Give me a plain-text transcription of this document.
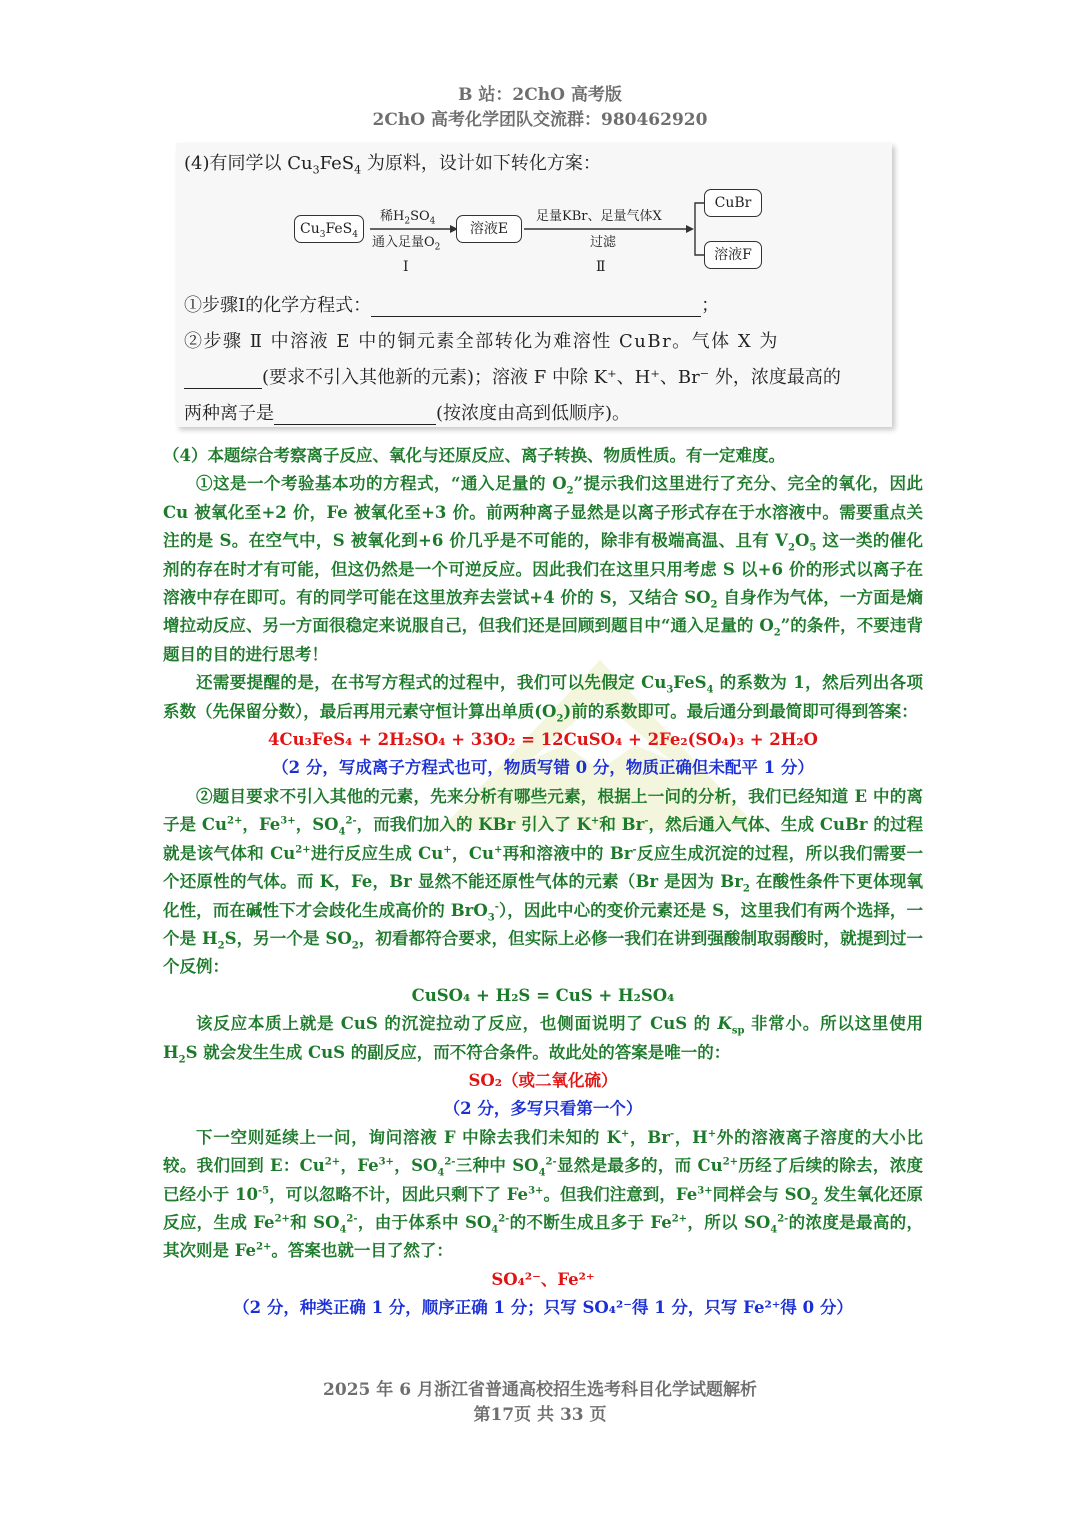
B 站：2ChO 高考版
2ChO 高考化学团队交流群：980462920
(4)有同学以 $Cu_3FeS_4$ 为原料，设计如下转化方案：
$Cu_3FeS_4$
稀$H_2SO_4$
通入足量$O_2$
Ⅰ
溶液E
足量KBr、足量气体X
过滤
Ⅱ
CuBr
溶液F
①步骤Ⅰ的化学方程式：	；
②步骤 Ⅱ 中溶液 E 中的铜元素全部转化为难溶性 CuBr。气体 X 为
(要求不引入其他新的元素)；溶液 F 中除 K⁺、H⁺、Br⁻ 外，浓度最高的
两种离子是	(按浓度由高到低顺序)。

（4）本题综合考察离子反应、氧化与还原反应、离子转换、物质性质。有一定难度。

①这是一个考验基本功的方程式，“通入足量的 $O_2$”提示我们这里进行了充分、完全的氧化，因此 Cu 被氧化至+2 价，Fe 被氧化至+3 价。前两种离子显然是以离子形式存在于水溶液中。需要重点关注的是 S。在空气中，S 被氧化到+6 价几乎是不可能的，除非有极端高温、且有 $V_2O_5$ 这一类的催化剂的存在时才有可能，但这仍然是一个可逆反应。因此我们在这里只用考虑 S 以+6 价的形式以离子在溶液中存在即可。有的同学可能在这里放弃去尝试+4 价的 S，又结合 $SO_2$ 自身作为气体，一方面是熵增拉动反应、另一方面很稳定来说服自己，但我们还是回顾到题目中“通入足量的 $O_2$”的条件，不要违背题目的目的进行思考！

还需要提醒的是，在书写方程式的过程中，我们可以先假定 $Cu_3FeS_4$ 的系数为 1，然后列出各项系数（先保留分数），最后再用元素守恒计算出单质$(O_2)$前的系数即可。最后通分到最简即可得到答案：

4Cu₃FeS₄ + 2H₂SO₄ + 33O₂ = 12CuSO₄ + 2Fe₂(SO₄)₃ + 2H₂O

（2 分，写成离子方程式也可，物质写错 0 分，物质正确但未配平 1 分）

②题目要求不引入其他的元素，先来分析有哪些元素，根据上一问的分析，我们已经知道 E 中的离子是 $Cu^{2+}$，$Fe^{3+}$，$SO_4^{2-}$，而我们加入的 KBr 引入了 K+和 Br-，然后通入气体、生成 CuBr 的过程就是该气体和 $Cu^{2+}$进行反应生成 Cu+，Cu+再和溶液中的 Br-反应生成沉淀的过程，所以我们需要一个还原性的气体。而 K，Fe，Br 显然不能还原性气体的元素（Br 是因为 $Br_2$ 在酸性条件下更体现氧化性，而在碱性下才会歧化生成高价的 BrO$_3$-），因此中心的变价元素还是 S，这里我们有两个选择，一个是 $H_2S$，另一个是 $SO_2$，初看都符合要求，但实际上必修一我们在讲到强酸制取弱酸时，就提到过一个反例：

CuSO₄ + H₂S = CuS + H₂SO₄

该反应本质上就是 CuS 的沉淀拉动了反应，也侧面说明了 CuS 的 $K_{sp}$ 非常小。所以这里使用 $H_2S$ 就会发生生成 CuS 的副反应，而不符合条件。故此处的答案是唯一的：

SO₂（或二氧化硫）

（2 分，多写只看第一个）

下一空则延续上一问，询问溶液 F 中除去我们未知的 K+，Br-，H+外的溶液离子溶度的大小比较。我们回到 E：$Cu^{2+}$，$Fe^{3+}$，$SO_4^{2-}$三种中 $SO_4^{2-}$显然是最多的，而 $Cu^{2+}$历经了后续的除去，浓度已经小于 $10^{-5}$，可以忽略不计，因此只剩下了 $Fe^{3+}$。但我们注意到，$Fe^{3+}$同样会与 $SO_2$ 发生氧化还原反应，生成 $Fe^{2+}$和 $SO_4^{2-}$，由于体系中 $SO_4^{2-}$的不断生成且多于 $Fe^{2+}$，所以 $SO_4^{2-}$的浓度是最高的，其次则是 $Fe^{2+}$。答案也就一目了然了：

SO₄²⁻、Fe²⁺

（2 分，种类正确 1 分，顺序正确 1 分；只写 SO₄²⁻得 1 分，只写 Fe²⁺得 0 分）

2025 年 6 月浙江省普通高校招生选考科目化学试题解析
第17页 共 33 页
